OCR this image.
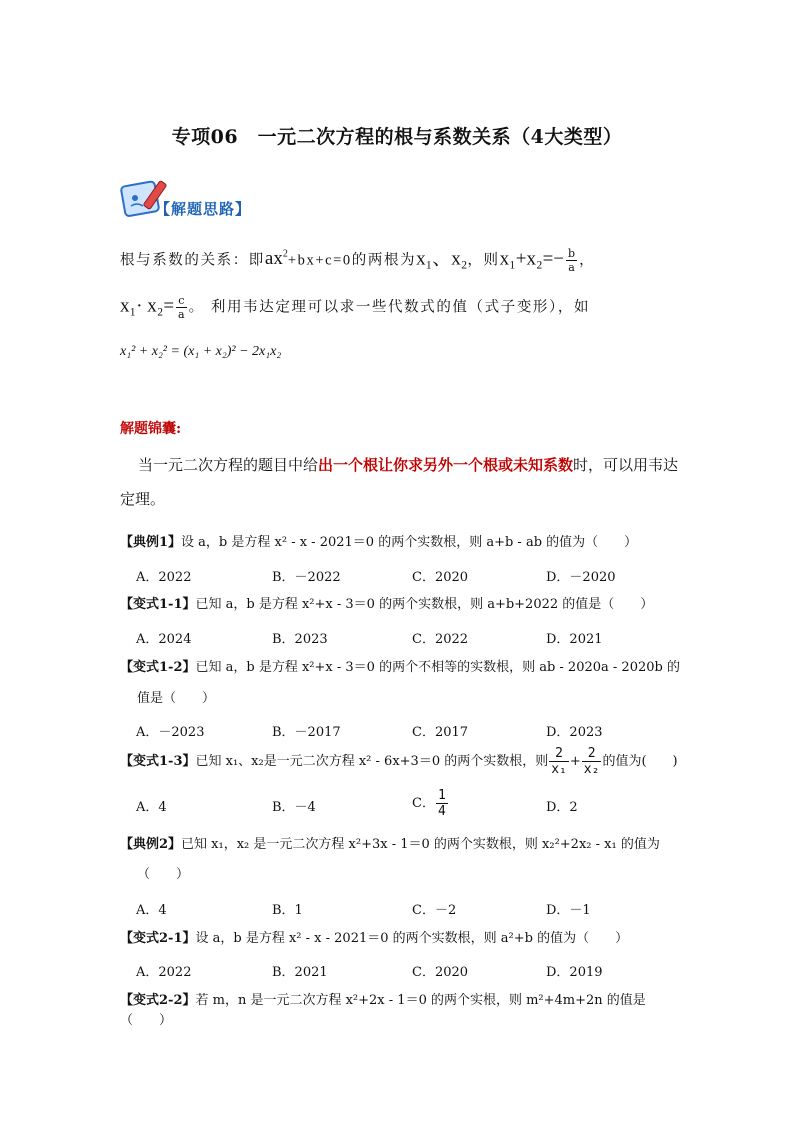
专项06　一元二次方程的根与系数关系（4大类型）
【解题思路】
根与系数的关系：即$ax^2+bx+c=0$的两根为x₁、x₂，则$x_1+x_2=- \frac{b}{a}$ ，
$x_1\cdot x_2= \frac{c}{a}$ 。 利用韦达定理可以求一些代数式的值（式子变形），如
x₁² + x₂² = (x₁ + x₂)² − 2x₁x₂
解题锦囊:
当一元二次方程的题目中给出一个根让你求另外一个根或未知系数时，可以用韦达定理。
【典例1】设 a，b 是方程 x² - x - 2021＝0 的两个实数根，则 a+b - ab 的值为（　　）
A．2022	B．－2022	C．2020	D．－2020
【变式1-1】已知 a，b 是方程 x²+x - 3＝0 的两个实数根，则 a+b+2022 的值是（　　）
A．2024	B．2023	C．2022	D．2021
【变式1-2】已知 a，b 是方程 x²+x - 3＝0 的两个不相等的实数根，则 ab - 2020a - 2020b 的
值是（　　）
A．－2023	B．－2017	C．2017	D．2023
【变式1-3】已知 x₁、x₂是一元二次方程 x² - 6x+3＝0 的两个实数根，则 $\frac{2}{\text{x₁}} + \frac{2}{\text{x₂}}$ 的值为(　　)
A．4	B．－4	C． $\frac{1}{4}$	D．2
【典例2】已知 x₁，x₂ 是一元二次方程 x²+3x - 1＝0 的两个实数根，则 x₂²+2x₂ - x₁ 的值为
（　　）
A．4	B．1	C．－2	D．－1
【变式2-1】设 a，b 是方程 x² - x - 2021＝0 的两个实数根，则 a²+b 的值为（　　）
A．2022	B．2021	C．2020	D．2019
【变式2-2】若 m，n 是一元二次方程 x²+2x - 1＝0 的两个实根，则 m²+4m+2n 的值是（　　）
